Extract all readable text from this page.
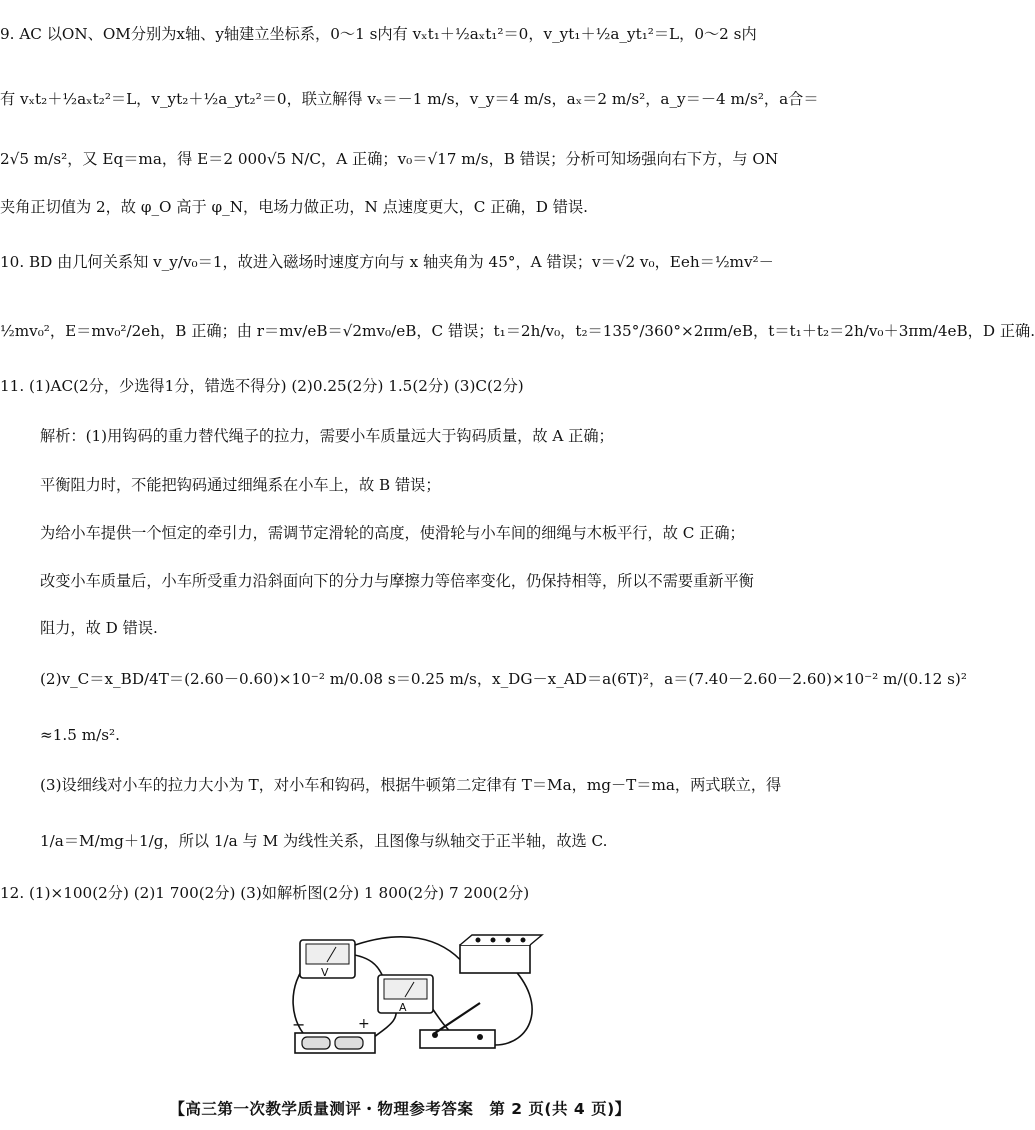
9. AC 以ON、OM分别为x轴、y轴建立坐标系，0～1 s内有 vₓt₁＋½aₓt₁²＝0，v_yt₁＋½a_yt₁²＝L，0～2 s内
有 vₓt₂＋½aₓt₂²＝L，v_yt₂＋½a_yt₂²＝0，联立解得 vₓ＝－1 m/s，v_y＝4 m/s，aₓ＝2 m/s²，a_y＝－4 m/s²，a合＝
2√5 m/s²，又 Eq＝ma，得 E＝2 000√5 N/C，A 正确；v₀＝√17 m/s，B 错误；分析可知场强向右下方，与 ON
夹角正切值为 2，故 φ_O 高于 φ_N，电场力做正功，N 点速度更大，C 正确，D 错误.
10. BD 由几何关系知 v_y/v₀＝1，故进入磁场时速度方向与 x 轴夹角为 45°，A 错误；v＝√2 v₀，Eeh＝½mv²－
½mv₀²，E＝mv₀²/2eh，B 正确；由 r＝mv/eB＝√2mv₀/eB，C 错误；t₁＝2h/v₀，t₂＝135°/360°×2πm/eB，t＝t₁＋t₂＝2h/v₀＋3πm/4eB，D 正确.
11. (1)AC(2分，少选得1分，错选不得分) (2)0.25(2分) 1.5(2分) (3)C(2分)
解析：(1)用钩码的重力替代绳子的拉力，需要小车质量远大于钩码质量，故 A 正确；
平衡阻力时，不能把钩码通过细绳系在小车上，故 B 错误；
为给小车提供一个恒定的牵引力，需调节定滑轮的高度，使滑轮与小车间的细绳与木板平行，故 C 正确；
改变小车质量后，小车所受重力沿斜面向下的分力与摩擦力等倍率变化，仍保持相等，所以不需要重新平衡
阻力，故 D 错误.
(2)v_C＝x_BD/4T＝(2.60－0.60)×10⁻² m/0.08 s＝0.25 m/s，x_DG－x_AD＝a(6T)²，a＝(7.40－2.60－2.60)×10⁻² m/(0.12 s)²
≈1.5 m/s².
(3)设细线对小车的拉力大小为 T，对小车和钩码，根据牛顿第二定律有 T＝Ma，mg－T＝ma，两式联立，得
1/a＝M/mg＋1/g，所以 1/a 与 M 为线性关系，且图像与纵轴交于正半轴，故选 C.
12. (1)×100(2分) (2)1 700(2分) (3)如解析图(2分) 1 800(2分) 7 200(2分)
V
A
−	+
【高三第一次教学质量测评・物理参考答案　第 2 页(共 4 页)】
